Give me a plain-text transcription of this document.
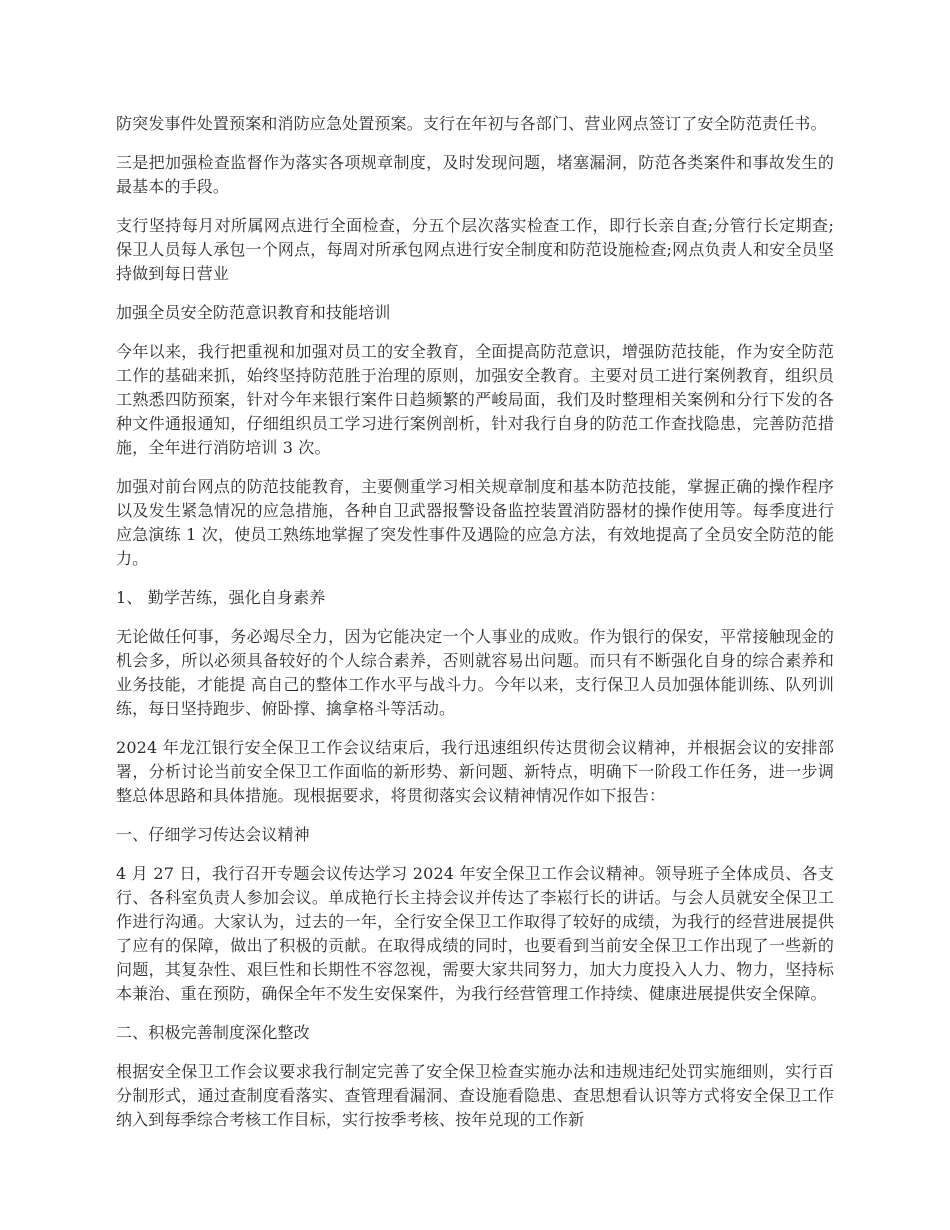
防突发事件处置预案和消防应急处置预案。支行在年初与各部门、营业网点签订了安全防范责任书。

三是把加强检查监督作为落实各项规章制度，及时发现问题，堵塞漏洞，防范各类案件和事故发生的最基本的手段。

支行坚持每月对所属网点进行全面检查，分五个层次落实检查工作，即行长亲自查;分管行长定期查;保卫人员每人承包一个网点，每周对所承包网点进行安全制度和防范设施检查;网点负责人和安全员坚持做到每日营业

加强全员安全防范意识教育和技能培训

今年以来，我行把重视和加强对员工的安全教育，全面提高防范意识，增强防范技能，作为安全防范工作的基础来抓，始终坚持防范胜于治理的原则，加强安全教育。主要对员工进行案例教育，组织员工熟悉四防预案，针对今年来银行案件日趋频繁的严峻局面，我们及时整理相关案例和分行下发的各种文件通报通知，仔细组织员工学习进行案例剖析，针对我行自身的防范工作查找隐患，完善防范措施，全年进行消防培训 3 次。

加强对前台网点的防范技能教育，主要侧重学习相关规章制度和基本防范技能，掌握正确的操作程序以及发生紧急情况的应急措施，各种自卫武器报警设备监控装置消防器材的操作使用等。每季度进行应急演练 1 次，使员工熟练地掌握了突发性事件及遇险的应急方法，有效地提高了全员安全防范的能力。

1、 勤学苦练，强化自身素养

无论做任何事，务必竭尽全力，因为它能决定一个人事业的成败。作为银行的保安，平常接触现金的机会多，所以必须具备较好的个人综合素养，否则就容易出问题。而只有不断强化自身的综合素养和业务技能，才能提 高自己的整体工作水平与战斗力。今年以来，支行保卫人员加强体能训练、队列训练，每日坚持跑步、俯卧撑、擒拿格斗等活动。

2024 年龙江银行安全保卫工作会议结束后，我行迅速组织传达贯彻会议精神，并根据会议的安排部署，分析讨论当前安全保卫工作面临的新形势、新问题、新特点，明确下一阶段工作任务，进一步调整总体思路和具体措施。现根据要求，将贯彻落实会议精神情况作如下报告：

一、仔细学习传达会议精神

4 月 27 日，我行召开专题会议传达学习 2024 年安全保卫工作会议精神。领导班子全体成员、各支行、各科室负责人参加会议。单成艳行长主持会议并传达了李崧行长的讲话。与会人员就安全保卫工作进行沟通。大家认为，过去的一年，全行安全保卫工作取得了较好的成绩，为我行的经营进展提供了应有的保障，做出了积极的贡献。在取得成绩的同时，也要看到当前安全保卫工作出现了一些新的问题，其复杂性、艰巨性和长期性不容忽视，需要大家共同努力，加大力度投入人力、物力，坚持标本兼治、重在预防，确保全年不发生安保案件，为我行经营管理工作持续、健康进展提供安全保障。

二、积极完善制度深化整改

根据安全保卫工作会议要求我行制定完善了安全保卫检查实施办法和违规违纪处罚实施细则，实行百分制形式，通过查制度看落实、查管理看漏洞、查设施看隐患、查思想看认识等方式将安全保卫工作纳入到每季综合考核工作目标，实行按季考核、按年兑现的工作新
